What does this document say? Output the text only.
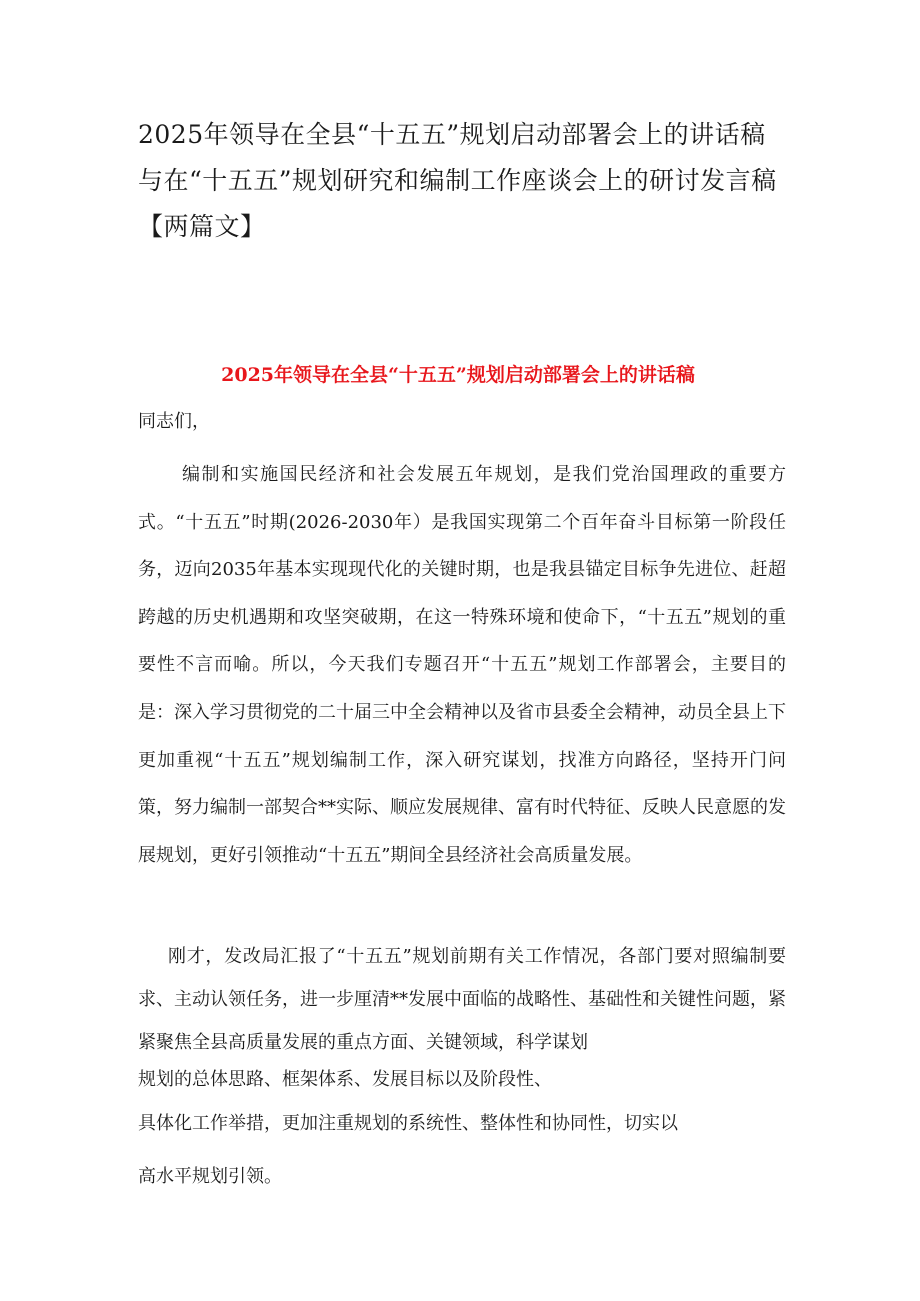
2025年领导在全县“十五五”规划启动部署会上的讲话稿与在“十五五”规划研究和编制工作座谈会上的研讨发言稿【两篇文】
2025年领导在全县“十五五”规划启动部署会上的讲话稿

同志们，

编制和实施国民经济和社会发展五年规划，是我们党治国理政的重要方式。“十五五”时期(2026-2030年）是我国实现第二个百年奋斗目标第一阶段任务，迈向2035年基本实现现代化的关键时期，也是我县锚定目标争先进位、赶超跨越的历史机遇期和攻坚突破期，在这一特殊环境和使命下，“十五五”规划的重要性不言而喻。所以，今天我们专题召开“十五五”规划工作部署会，主要目的是：深入学习贯彻党的二十届三中全会精神以及省市县委全会精神，动员全县上下更加重视“十五五”规划编制工作，深入研究谋划，找准方向路径，坚持开门问策，努力编制一部契合**实际、顺应发展规律、富有时代特征、反映人民意愿的发展规划，更好引领推动“十五五”期间全县经济社会高质量发展。

刚才，发改局汇报了“十五五”规划前期有关工作情况，各部门要对照编制要求、主动认领任务，进一步厘清**发展中面临的战略性、基础性和关键性问题，紧紧聚焦全县高质量发展的重点方面、关键领域，科学谋划

规划的总体思路、框架体系、发展目标以及阶段性、

具体化工作举措，更加注重规划的系统性、整体性和协同性，切实以

高水平规划引领。
